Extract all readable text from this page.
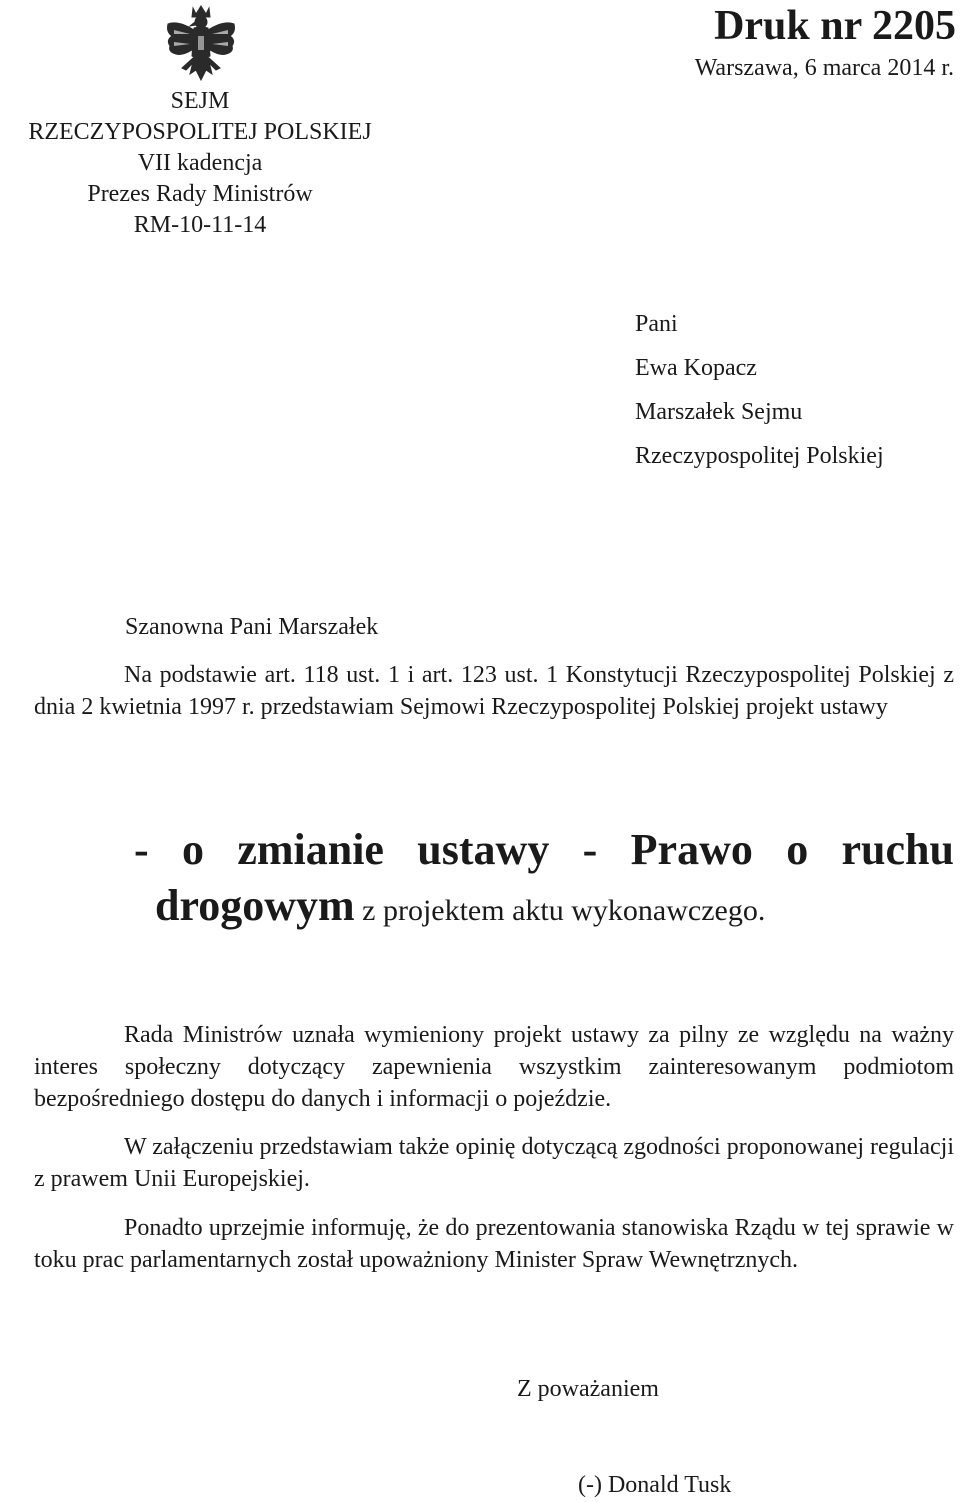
SEJM
RZECZYPOSPOLITEJ POLSKIEJ
VII kadencja
Prezes Rady Ministrów
RM-10-11-14
Druk nr 2205
Warszawa, 6 marca 2014 r.
Pani
Ewa Kopacz
Marszałek Sejmu
Rzeczypospolitej Polskiej
Szanowna Pani Marszałek
Na podstawie art. 118 ust. 1 i art. 123 ust. 1 Konstytucji Rzeczypospolitej Polskiej z dnia 2 kwietnia 1997 r. przedstawiam Sejmowi Rzeczypospolitej Polskiej projekt ustawy
- o zmianie ustawy - Prawo o ruchu
drogowym z projektem aktu wykonawczego.
Rada Ministrów uznała wymieniony projekt ustawy za pilny ze względu na ważny interes społeczny dotyczący zapewnienia wszystkim zainteresowanym podmiotom bezpośredniego dostępu do danych i informacji o pojeździe.
W załączeniu przedstawiam także opinię dotyczącą zgodności proponowanej regulacji z prawem Unii Europejskiej.
Ponadto uprzejmie informuję, że do prezentowania stanowiska Rządu w tej sprawie w toku prac parlamentarnych został upoważniony Minister Spraw Wewnętrznych.
Z poważaniem
(-) Donald Tusk
